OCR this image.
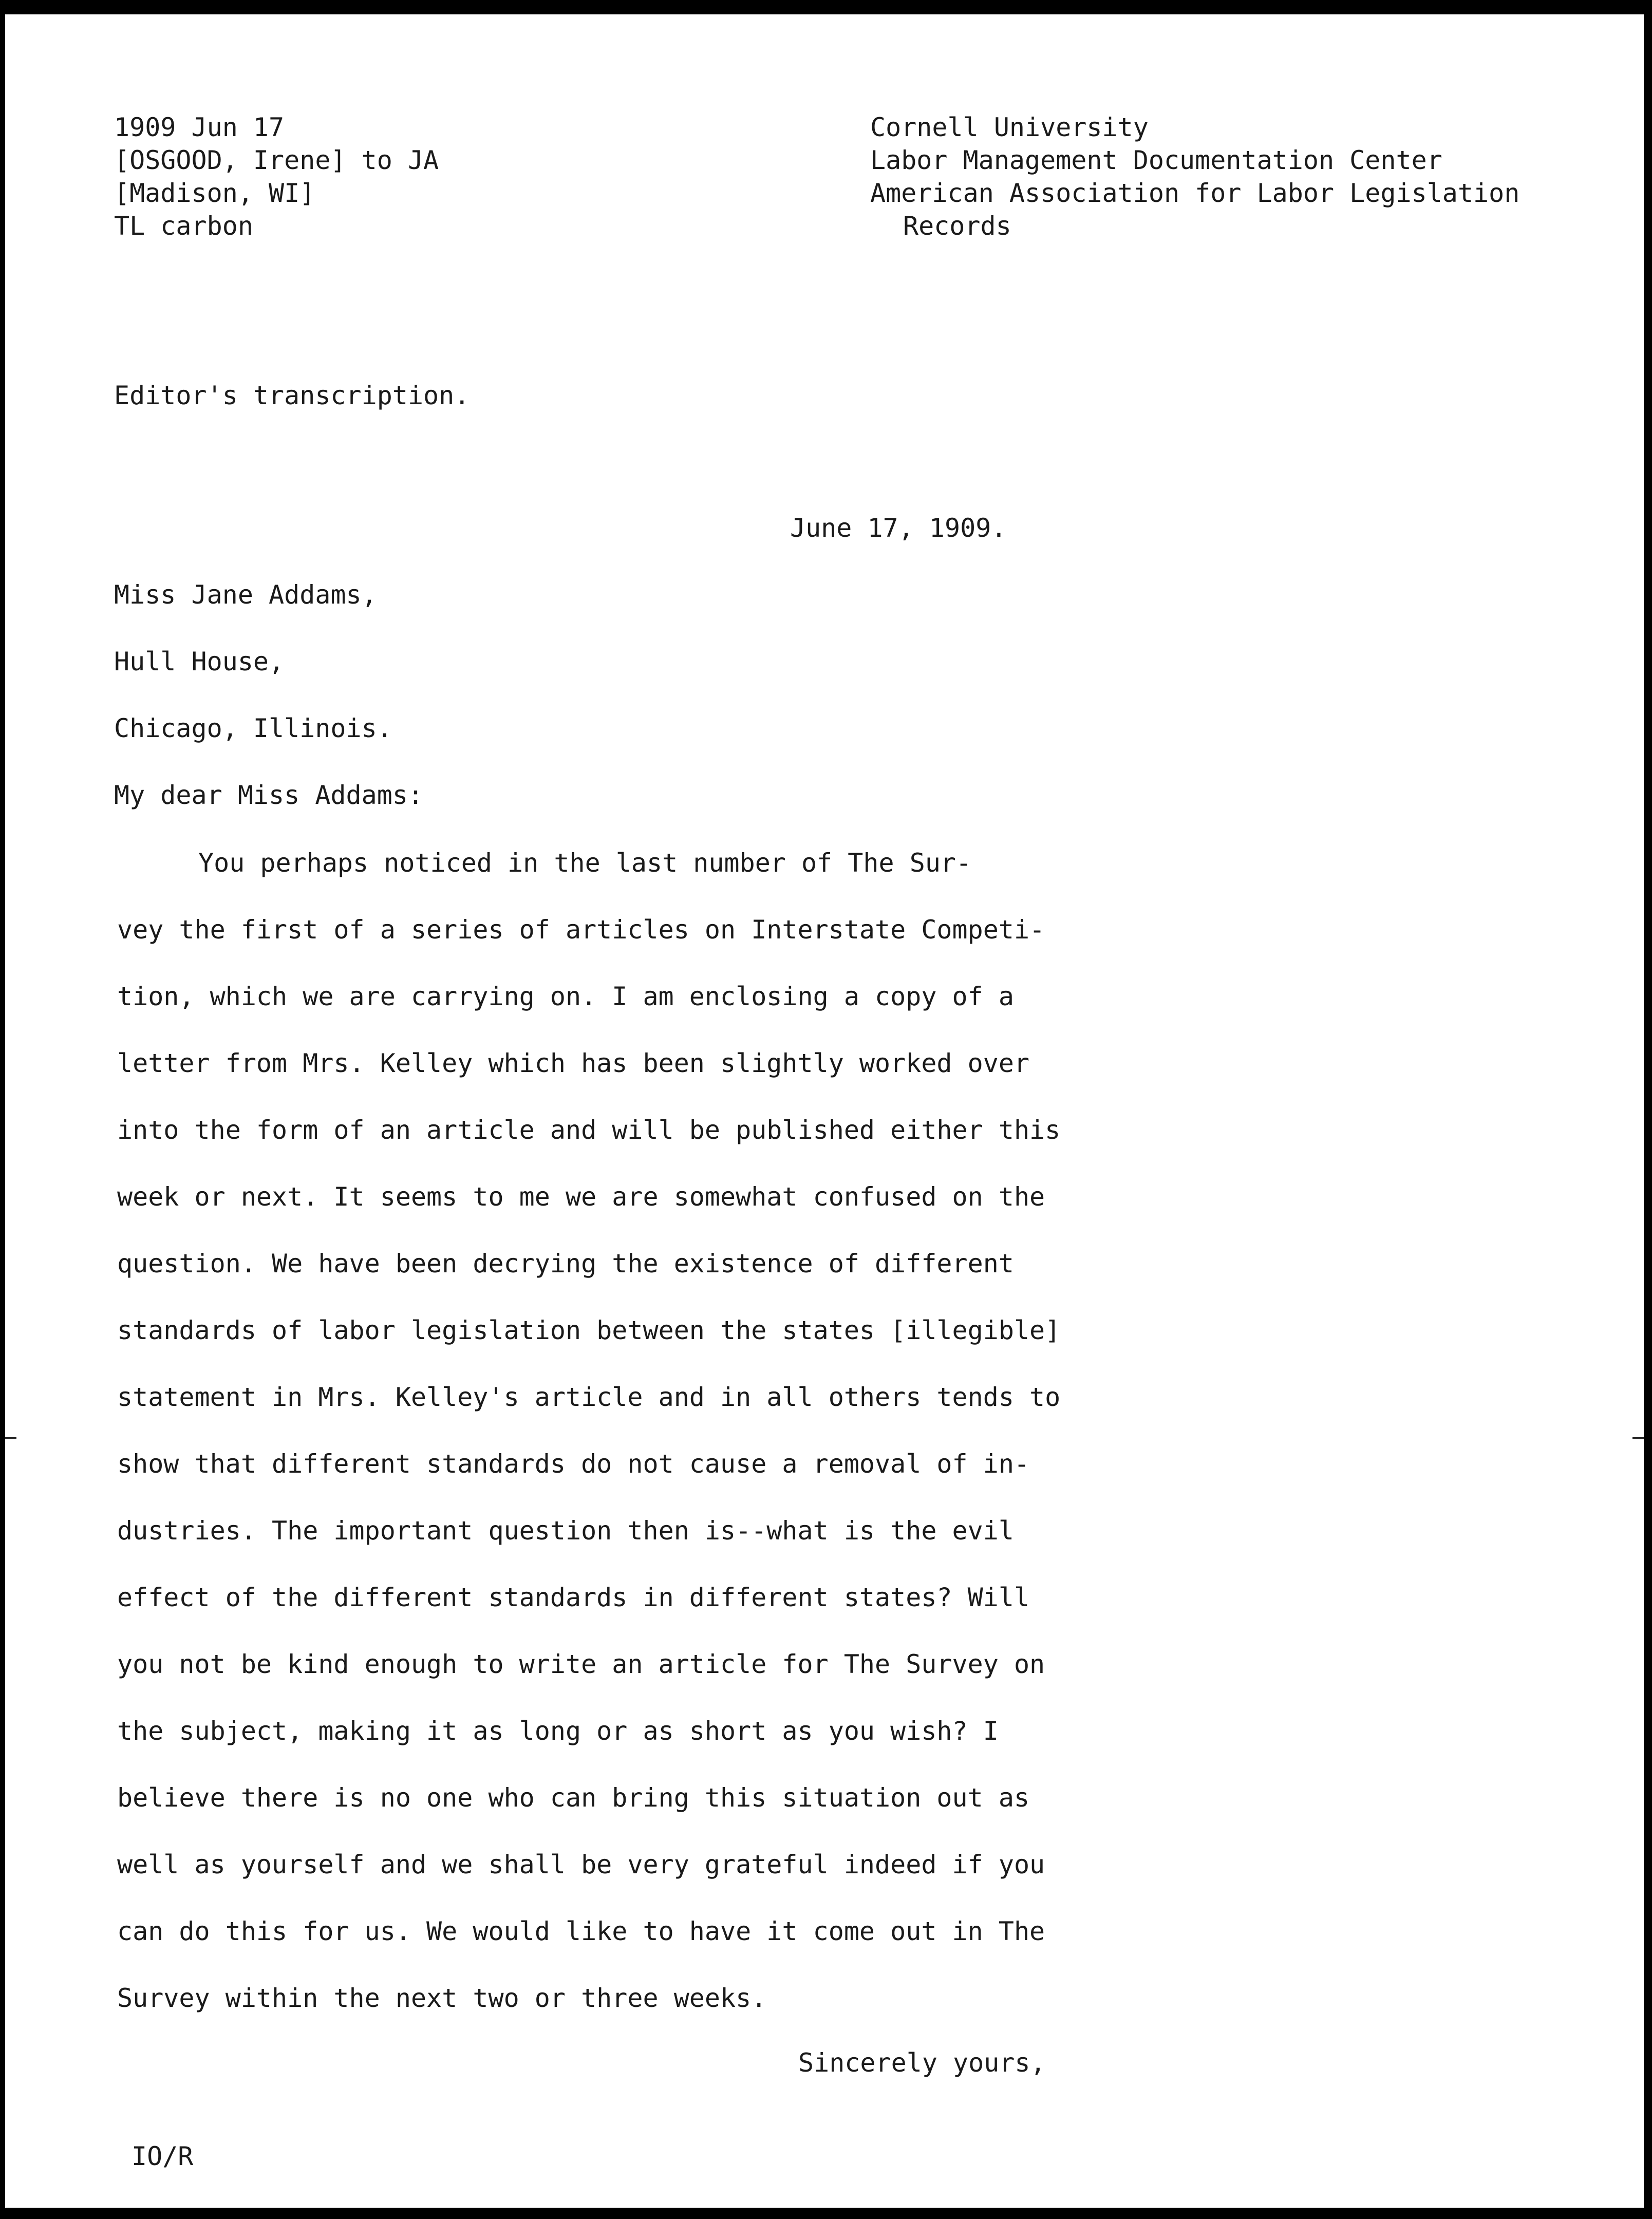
1909 Jun 17
[OSGOOD, Irene] to JA
[Madison, WI]
TL carbon
Cornell University
Labor Management Documentation Center
American Association for Labor Legislation
Records
Editor's transcription.
June 17, 1909.
Miss Jane Addams,
Hull House,
Chicago, Illinois.
My dear Miss Addams:
You perhaps noticed in the last number of The Sur-
vey the first of a series of articles on Interstate Competi-
tion, which we are carrying on. I am enclosing a copy of a
letter from Mrs. Kelley which has been slightly worked over
into the form of an article and will be published either this
week or next. It seems to me we are somewhat confused on the
question. We have been decrying the existence of different
standards of labor legislation between the states [illegible]
statement in Mrs. Kelley's article and in all others tends to
show that different standards do not cause a removal of in-
dustries. The important question then is--what is the evil
effect of the different standards in different states? Will
you not be kind enough to write an article for The Survey on
the subject, making it as long or as short as you wish? I
believe there is no one who can bring this situation out as
well as yourself and we shall be very grateful indeed if you
can do this for us. We would like to have it come out in The
Survey within the next two or three weeks.
Sincerely yours,
IO/R
